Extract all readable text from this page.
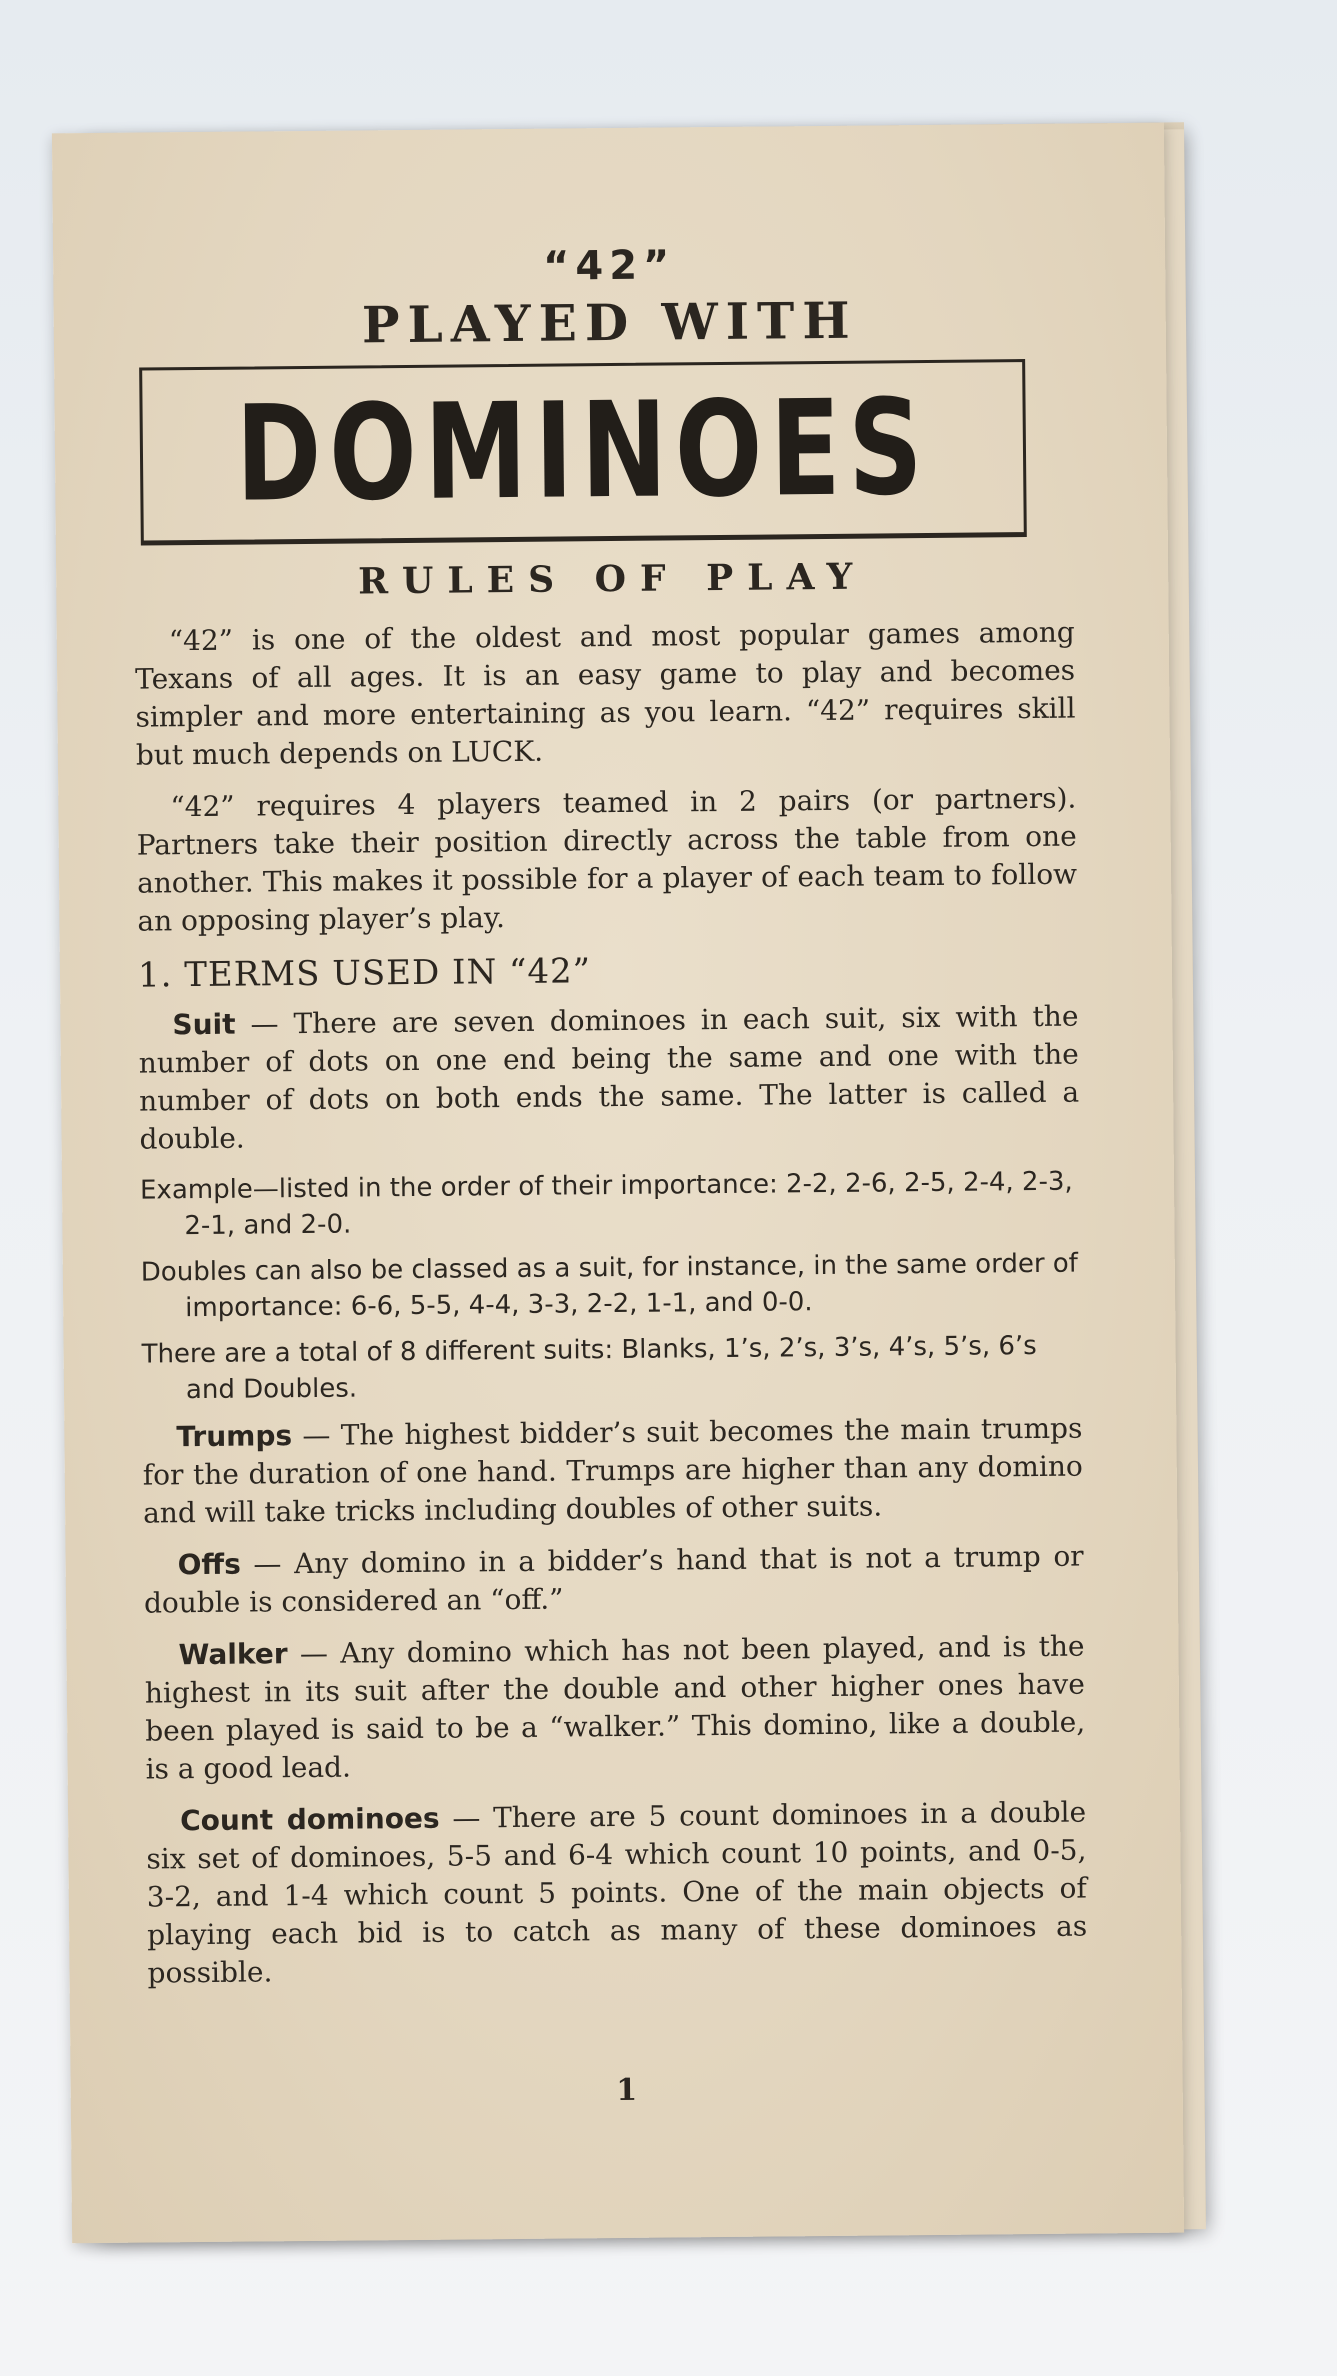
“42”
PLAYED WITH
DOMINOES
RULES OF PLAY

“42” is one of the oldest and most popular games among Texans of all ages. It is an easy game to play and becomes simpler and more entertaining as you learn. “42” requires skill but much depends on LUCK.

“42” requires 4 players teamed in 2 pairs (or partners). Partners take their position directly across the table from one another. This makes it possible for a player of each team to follow an opposing player’s play.

1. TERMS USED IN “42”

Suit — There are seven dominoes in each suit, six with the number of dots on one end being the same and one with the number of dots on both ends the same. The latter is called a double.

Example—listed in the order of their importance: 2-2, 2-6, 2-5, 2-4, 2-3, 2-1, and 2-0.
Doubles can also be classed as a suit, for instance, in the same order of importance: 6-6, 5-5, 4-4, 3-3, 2-2, 1-1, and 0-0.
There are a total of 8 different suits: Blanks, 1’s, 2’s, 3’s, 4’s, 5’s, 6’s and Doubles.

Trumps — The highest bidder’s suit becomes the main trumps for the duration of one hand. Trumps are higher than any domino and will take tricks including doubles of other suits.

Offs — Any domino in a bidder’s hand that is not a trump or double is considered an “off.”

Walker — Any domino which has not been played, and is the highest in its suit after the double and other higher ones have been played is said to be a “walker.” This domino, like a double, is a good lead.

Count dominoes — There are 5 count dominoes in a double six set of dominoes, 5-5 and 6-4 which count 10 points, and 0-5, 3-2, and 1-4 which count 5 points. One of the main objects of playing each bid is to catch as many of these dominoes as possible.

1
